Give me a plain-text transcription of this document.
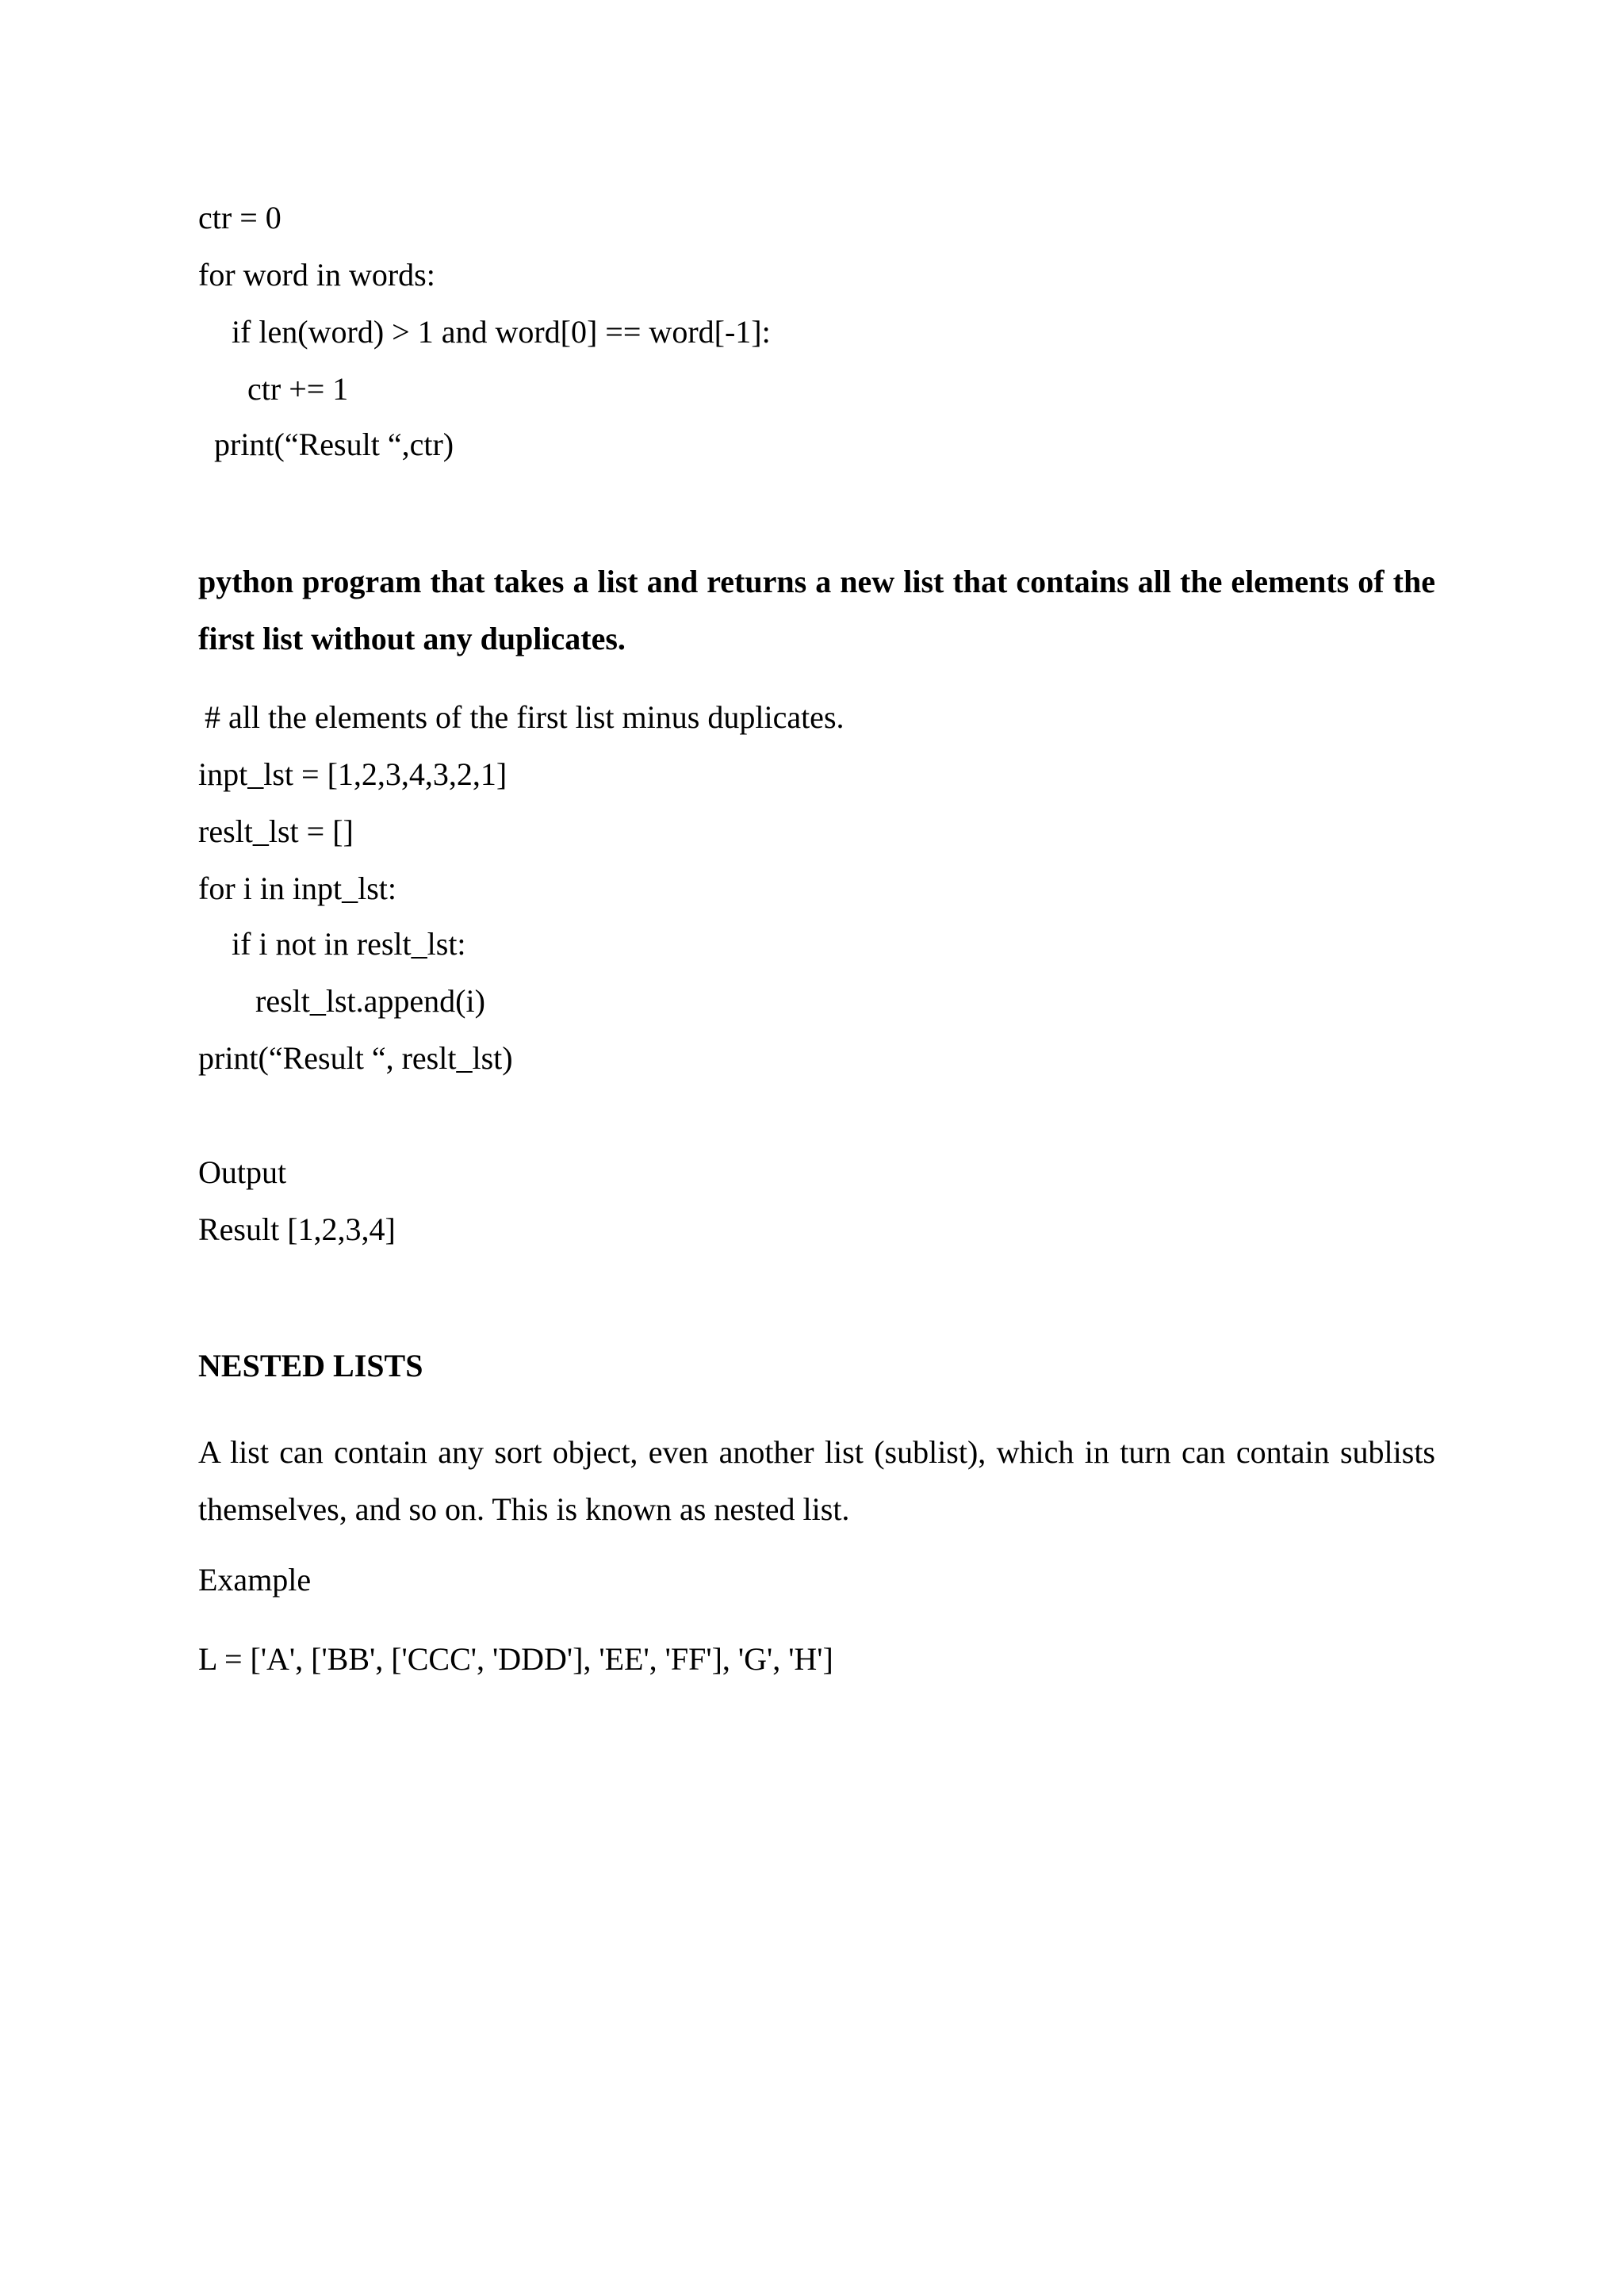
ctr = 0
for word in words:
if len(word) > 1 and word[0] == word[-1]:
ctr += 1
print(“Result “,ctr)
python program that takes a list and returns a new list that contains all the elements of the first list without any duplicates.
# all the elements of the first list minus duplicates.
inpt_lst = [1,2,3,4,3,2,1]
reslt_lst = []
for i in inpt_lst:
if i not in reslt_lst:
reslt_lst.append(i)
print(“Result “, reslt_lst)
Output
Result [1,2,3,4]
NESTED LISTS
A list can contain any sort object, even another list (sublist), which in turn can contain sublists themselves, and so on. This is known as nested list.
Example
L = ['A', ['BB', ['CCC', 'DDD'], 'EE', 'FF'], 'G', 'H']
